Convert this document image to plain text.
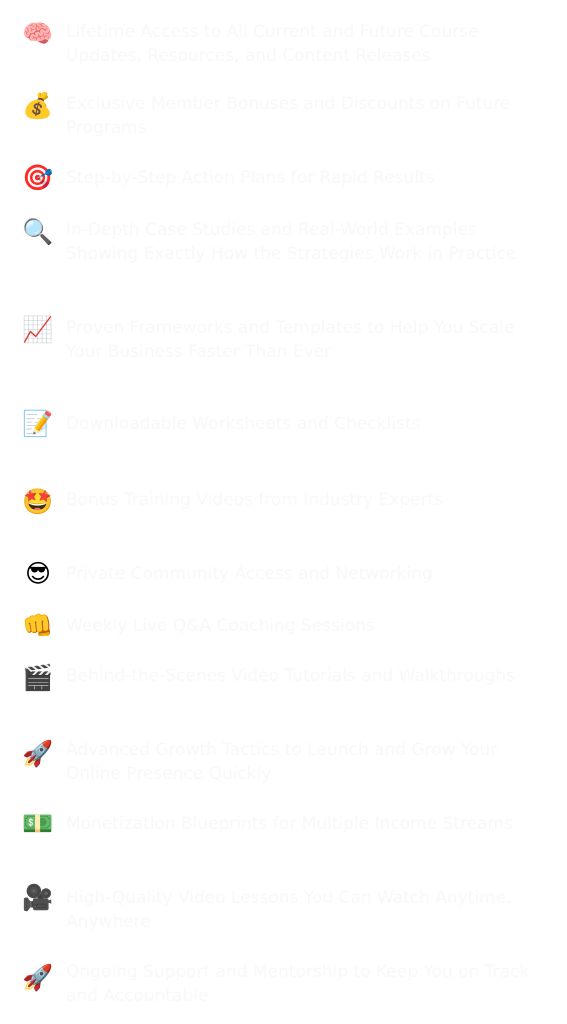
🧠 Lifetime Access to All Current and Future Course Updates, Resources, and Content Releases
💰 Exclusive Member Bonuses and Discounts on Future Programs
🎯 Step-by-Step Action Plans for Rapid Results
🔍 In-Depth Case Studies and Real-World Examples Showing Exactly How the Strategies Work in Practice
📈 Proven Frameworks and Templates to Help You Scale Your Business Faster Than Ever
📝 Downloadable Worksheets and Checklists
🤩 Bonus Training Videos from Industry Experts
😎 Private Community Access and Networking
👊 Weekly Live Q&A Coaching Sessions
🎬 Behind-the-Scenes Video Tutorials and Walkthroughs
🚀 Advanced Growth Tactics to Launch and Grow Your Online Presence Quickly
💵 Monetization Blueprints for Multiple Income Streams
🎥 High-Quality Video Lessons You Can Watch Anytime, Anywhere
🚀 Ongoing Support and Mentorship to Keep You on Track and Accountable
